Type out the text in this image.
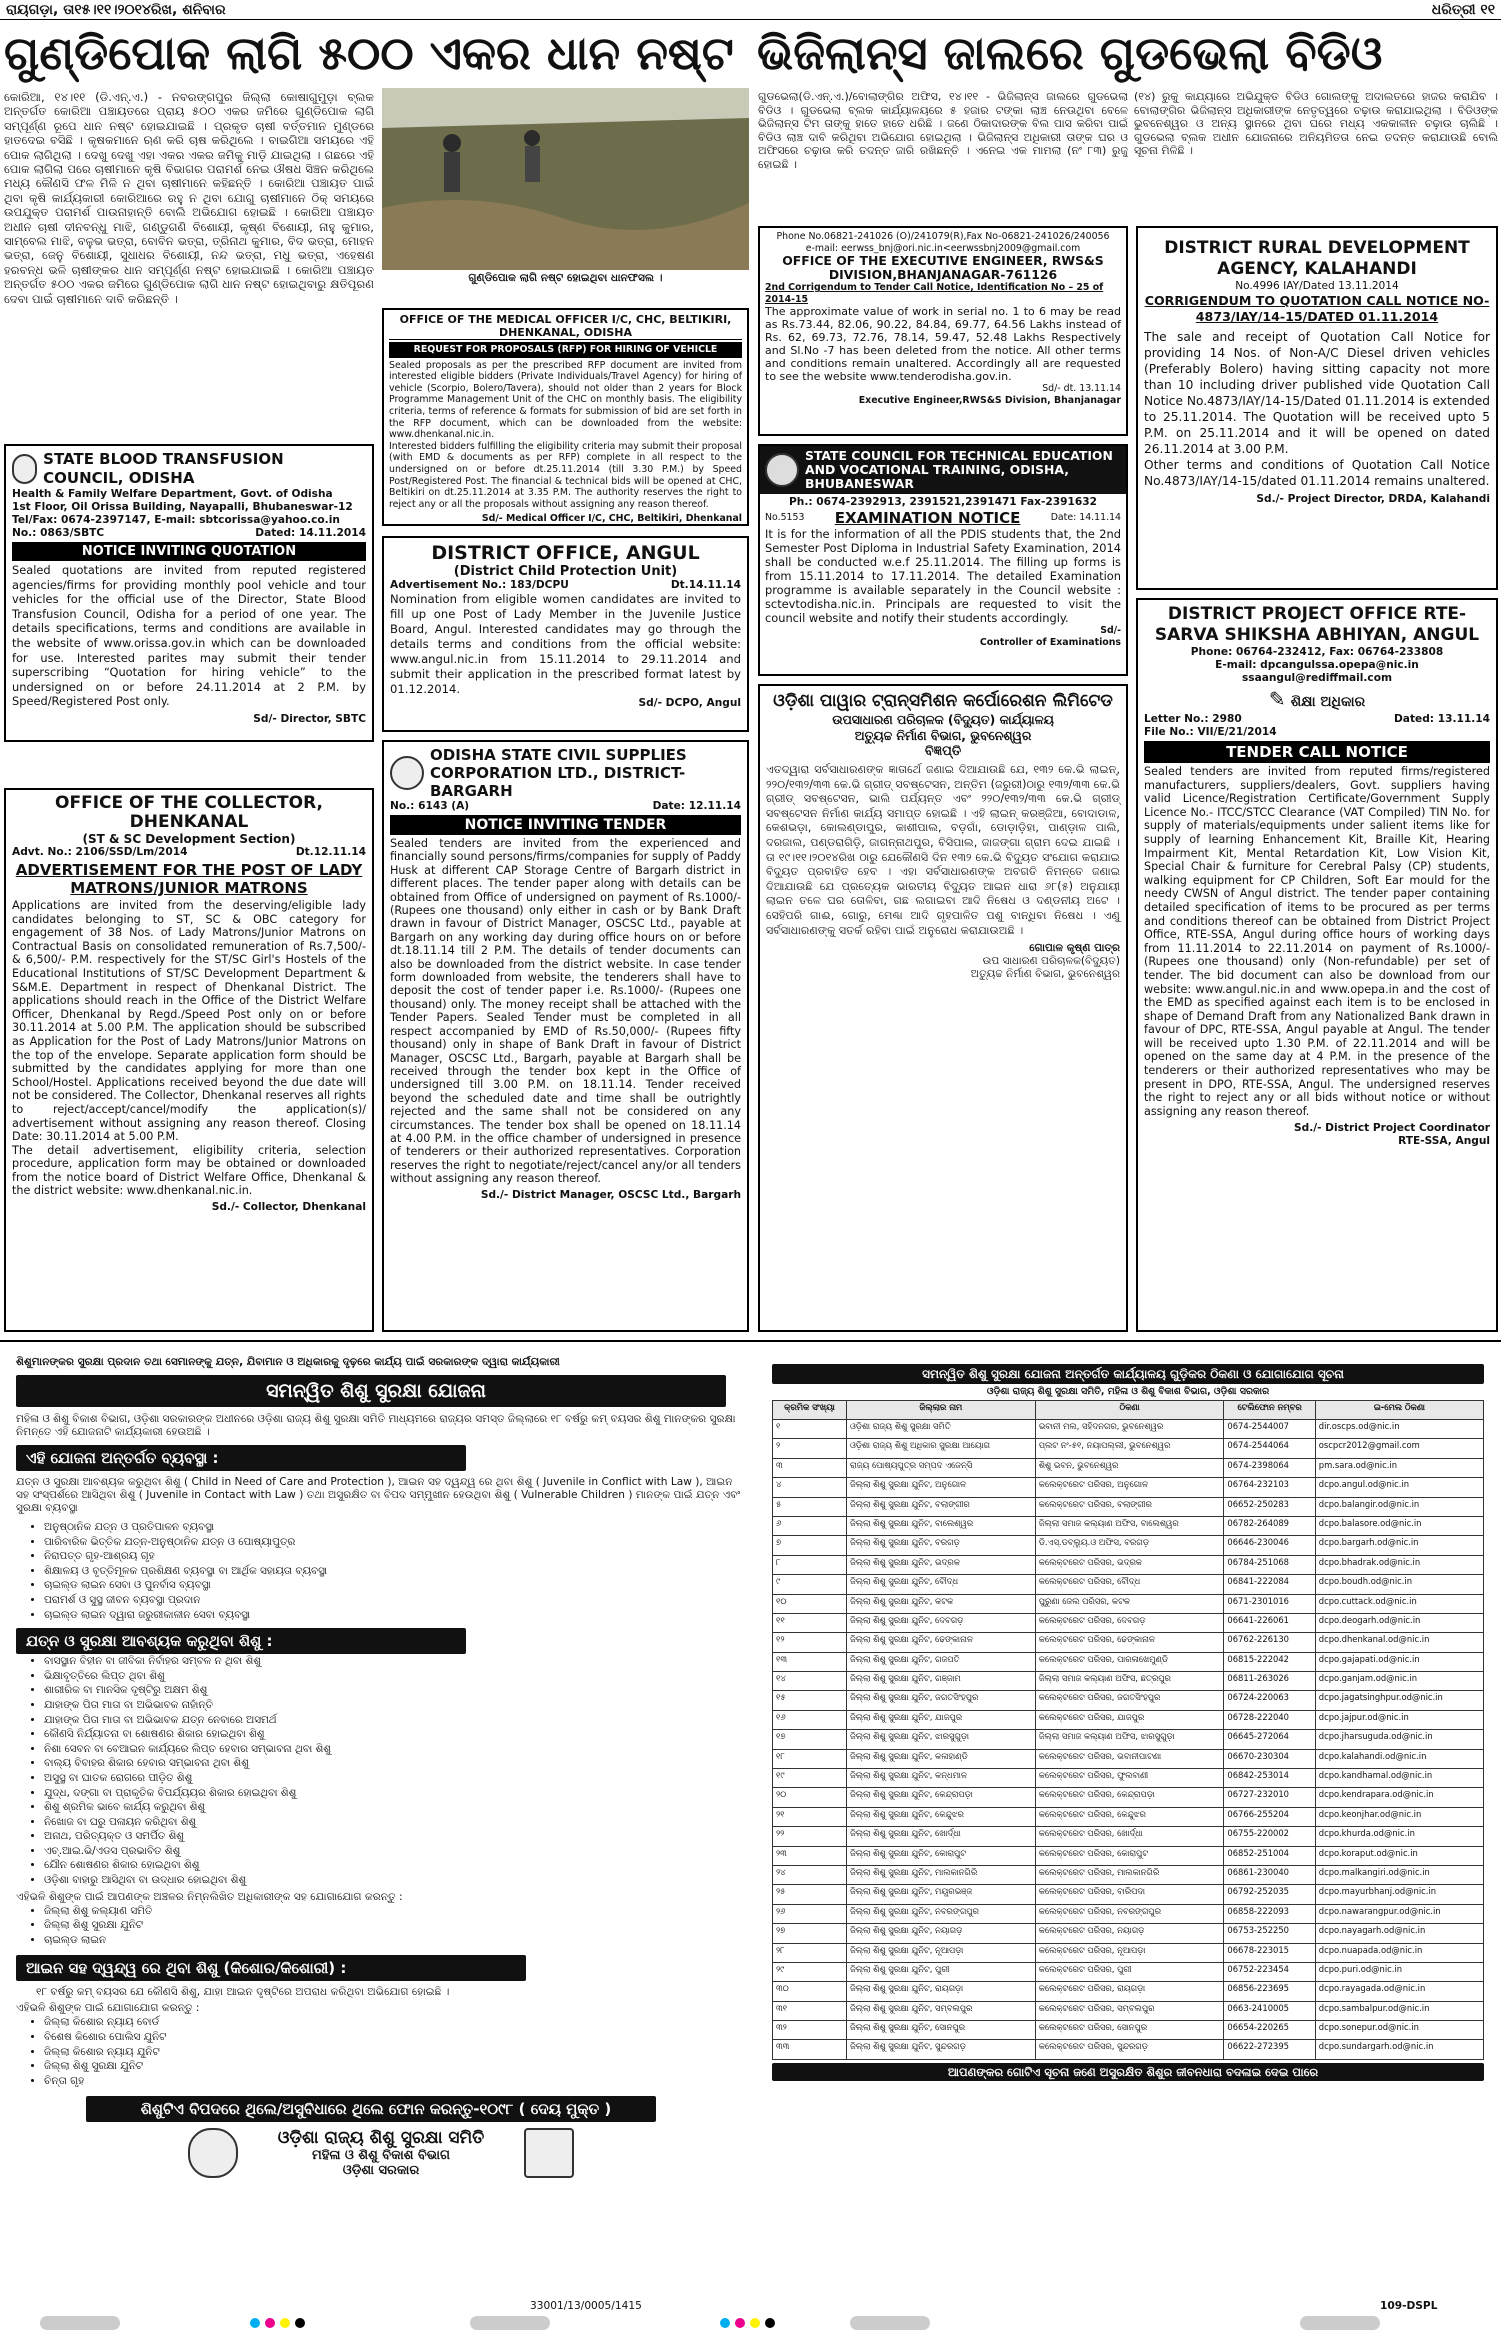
ରାୟଗଡ଼ା, ତା୧୫।୧୧।୨୦୧୪ରିଖ, ଶନିବାର	ଧରିତ୍ରୀ ୧୧
ଗୁଣ୍ଡିପୋକ ଲାଗି ୫୦୦ ଏକର ଧାନ ନଷ୍ଟ ଭିଜିଲାନ୍ସ ଜାଲରେ ଗୁଡଭେଲା ବିଡିଓ
କୋରିଆ, ୧୪।୧୧ (ଡି.ଏନ୍.ଏ.) - ନବରଙ୍ଗପୁର ଜିଲ୍ଲା କୋଷାଗୁମୁଡ଼ା ବ୍ଲକ ଅନ୍ତର୍ଗତ କୋରିଆ ପଞ୍ଚାୟତରେ ପ୍ରାୟ ୫୦୦ ଏକର ଜମିରେ ଗୁଣ୍ଡିପୋକ ଲାଗି ସମ୍ପୂର୍ଣ୍ଣ ରୂପେ ଧାନ ନଷ୍ଟ ହୋଇଯାଇଛି । ପ୍ରକୃତ ଚାଷୀ ବର୍ତ୍ତମାନ ମୁଣ୍ଡରେ ହାତଦେଇ ବସିଛି । କୃଷକମାନେ ଋଣ କରି ଚାଷ କରିଥିଲେ । ବାଇଗିଆ ସମୟରେ ଏହି ପୋକ ଲାଗିଥିଲା । ଦେଖୁ ଦେଖୁ ଏହା ଏକର ଏକର ଜମିକୁ ମାଡ଼ି ଯାଇଥିଲା । ଗଛରେ ଏହି ପୋକ ଲାଗିଲା ପରେ ଚାଷୀମାନେ କୃଷି ବିଭାଗର ପରାମର୍ଶ ନେଇ ଔଷଧ ସିଞ୍ଚନ କରିଥିଲେ ମଧ୍ୟ କୌଣସି ଫଳ ମିଳି ନ ଥିବା ଚାଷୀମାନେ କହିଛନ୍ତି । କୋରିଆ ପଞ୍ଚାୟତ ପାଇଁ ଥିବା କୃଷି କାର୍ଯ୍ୟକାରୀ କୋରିଆରେ ରହୁ ନ ଥିବା ଯୋଗୁ ଚାଷୀମାନେ ଠିକ୍ ସମୟରେ ଉପଯୁକ୍ତ ପରାମର୍ଶ ପାଉନାହାନ୍ତି ବୋଲି ଅଭିଯୋଗ ହୋଇଛି । କୋରିଆ ପଞ୍ଚାୟତ ଅଧୀନ ଚାଷୀ ଦୀନବନ୍ଧୁ ମାଝି, ଗଣ୍ଡୁଗଣି ବିଶୋୟୀ, କୃଷ୍ଣ ବିଶୋୟୀ, ନାହୁ କୁମାର, ସାମ୍ବେଲ ମାଝି, ବଳୁଭ ଭତ୍ରା, ବୋବିନ ଭତ୍ରା, ତ୍ରିନାଥ କୁମାର, ବିଦ ଭତ୍ରା, ମୋହନ ଭତ୍ରା, ଜେନୁ ବିଶୋୟୀ, ସୁଧାଧର ବିଶୋୟୀ, ନନ୍ଦ ଭତ୍ରା, ମଧୁ ଭତ୍ରା, ଏହେଷଣ ହରବନ୍ଧ ଭଳି ଚାଷୀଙ୍କର ଧାନ ସମ୍ପୂର୍ଣ୍ଣ ନଷ୍ଟ ହୋଇଯାଇଛି । କୋରିଆ ପଞ୍ଚାୟତ ଅନ୍ତର୍ଗତ ୫୦୦ ଏକର ଜମିରେ ଗୁଣ୍ଡିପୋକ ଲାଗି ଧାନ ନଷ୍ଟ ହୋଇଥିବାରୁ କ୍ଷତିପୂରଣ ଦେବା ପାଇଁ ଚାଷୀମାନେ ଦାବି କରିଛନ୍ତି ।
ଗୁଣ୍ଡିପୋକ ଲାଗି ନଷ୍ଟ ହୋଇଥିବା ଧାନଫସଲ ।
OFFICE OF THE MEDICAL OFFICER I/C, CHC, BELTIKIRI, DHENKANAL, ODISHA
REQUEST FOR PROPOSALS (RFP) FOR HIRING OF VEHICLE
Sealed proposals as per the prescribed RFP document are invited from interested eligible bidders (Private Individuals/Travel Agency) for hiring of vehicle (Scorpio, Bolero/Tavera), should not older than 2 years for Block Programme Management Unit of the CHC on monthly basis. The eligibility criteria, terms of reference & formats for submission of bid are set forth in the RFP document, which can be downloaded from the website: www.dhenkanal.nic.in.
Interested bidders fulfilling the eligibility criteria may submit their proposal (with EMD & documents as per RFP) complete in all respect to the undersigned on or before dt.25.11.2014 (till 3.30 P.M.) by Speed Post/Registered Post. The financial & technical bids will be opened at CHC, Beltikiri on dt.25.11.2014 at 3.35 P.M. The authority reserves the right to reject any or all the proposals without assigning any reason thereof.
Sd/- Medical Officer I/C, CHC, Beltikiri, Dhenkanal
STATE BLOOD TRANSFUSION COUNCIL, ODISHA
Health & Family Welfare Department, Govt. of Odisha
1st Floor, Oil Orissa Building, Nayapalli, Bhubaneswar-12
Tel/Fax: 0674-2397147, E-mail: sbtcorissa@yahoo.co.in
No.: 0863/SBTC	Dated: 14.11.2014
NOTICE INVITING QUOTATION
Sealed quotations are invited from reputed registered agencies/firms for providing monthly pool vehicle and tour vehicles for the official use of the Director, State Blood Transfusion Council, Odisha for a period of one year. The details specifications, terms and conditions are available in the website of www.orissa.gov.in which can be downloaded for use. Interested parites may submit their tender superscribing “Quotation for hiring vehicle” to the undersigned on or before 24.11.2014 at 2 P.M. by Speed/Registered Post only.
Sd/- Director, SBTC
OFFICE OF THE COLLECTOR, DHENKANAL
(ST & SC Development Section)
Advt. No.: 2106/SSD/Lm/2014	Dt.12.11.14
ADVERTISEMENT FOR THE POST OF LADY MATRONS/JUNIOR MATRONS
Applications are invited from the deserving/eligible lady candidates belonging to ST, SC & OBC category for engagement of 38 Nos. of Lady Matrons/Junior Matrons on Contractual Basis on consolidated remuneration of Rs.7,500/- & 6,500/- P.M. respectively for the ST/SC Girl's Hostels of the Educational Institutions of ST/SC Development Department & S&M.E. Department in respect of Dhenkanal District. The applications should reach in the Office of the District Welfare Officer, Dhenkanal by Regd./Speed Post only on or before 30.11.2014 at 5.00 P.M. The application should be subscribed as Application for the Post of Lady Matrons/Junior Matrons on the top of the envelope. Separate application form should be submitted by the candidates applying for more than one School/Hostel. Applications received beyond the due date will not be considered. The Collector, Dhenkanal reserves all rights to reject/accept/cancel/modify the application(s)/ advertisement without assigning any reason thereof. Closing Date: 30.11.2014 at 5.00 P.M.
The detail advertisement, eligibility criteria, selection procedure, application form may be obtained or downloaded from the notice board of District Welfare Office, Dhenkanal & the district website: www.dhenkanal.nic.in.
Sd./- Collector, Dhenkanal
DISTRICT OFFICE, ANGUL
(District Child Protection Unit)
Advertisement No.: 183/DCPU	Dt.14.11.14
Nomination from eligible women candidates are invited to fill up one Post of Lady Member in the Juvenile Justice Board, Angul. Interested candidates may go through the details terms and conditions from the official website: www.angul.nic.in from 15.11.2014 to 29.11.2014 and submit their application in the prescribed format latest by 01.12.2014.
Sd/- DCPO, Angul
ODISHA STATE CIVIL SUPPLIES CORPORATION LTD., DISTRICT- BARGARH
No.: 6143 (A)	Date: 12.11.14
NOTICE INVITING TENDER
Sealed tenders are invited from the experienced and financially sound persons/firms/companies for supply of Paddy Husk at different CAP Storage Centre of Bargarh district in different places. The tender paper along with details can be obtained from Office of undersigned on payment of Rs.1000/- (Rupees one thousand) only either in cash or by Bank Draft drawn in favour of District Manager, OSCSC Ltd., payable at Bargarh on any working day during office hours on or before dt.18.11.14 till 2 P.M. The details of tender documents can also be downloaded from the district website. In case tender form downloaded from website, the tenderers shall have to deposit the cost of tender paper i.e. Rs.1000/- (Rupees one thousand) only. The money receipt shall be attached with the Tender Papers. Sealed Tender must be completed in all respect accompanied by EMD of Rs.50,000/- (Rupees fifty thousand) only in shape of Bank Draft in favour of District Manager, OSCSC Ltd., Bargarh, payable at Bargarh shall be received through the tender box kept in the Office of undersigned till 3.00 P.M. on 18.11.14. Tender received beyond the scheduled date and time shall be outrightly rejected and the same shall not be considered on any circumstances. The tender box shall be opened on 18.11.14 at 4.00 P.M. in the office chamber of undersigned in presence of tenderers or their authorized representatives. Corporation reserves the right to negotiate/reject/cancel any/or all tenders without assigning any reason thereof.
Sd./- District Manager, OSCSC Ltd., Bargarh
ଗୁଡଭେଲା(ଡି.ଏନ୍.ଏ.)/ବୋଲାଙ୍ଗିର ଅଫିସ, ୧୪।୧୧ - ଭିଜିଲାନ୍ସ ଜାଲରେ ଗୁଡଭେଲା ବିଡିଓ । ଗୁଡଭେଲା ବ୍ଲକ କାର୍ଯ୍ୟାଳୟରେ ୫ ହଜାର ଟଙ୍କା ଲାଞ୍ଚ ନେଉଥିବା ବେଳେ ଭିଜିଲାନ୍ସ ଟିମ ତାଙ୍କୁ ହାତେ ହାତେ ଧରିଛି । ଜଣେ ଠିକାଦାରଙ୍କ ବିଲ ପାସ କରିବା ପାଇଁ ବିଡିଓ ଲାଞ୍ଚ ଦାବି କରିଥିବା ଅଭିଯୋଗ ହୋଇଥିଲା । ଭିଜିଲାନ୍ସ ଅଧିକାରୀ ତାଙ୍କ ଘର ଓ ଅଫିସରେ ଚଢ଼ାଉ କରି ତଦନ୍ତ ଜାରି ରଖିଛନ୍ତି । ଏନେଇ ଏକ ମାମଲା (ନଂ ୮୩) ରୁଜୁ ହୋଇଛି ।
(୧୪) ରୁକୁ କାଯ୍ୟାରେ ଅଭିଯୁକ୍ତ ବିଡିଓ ଗୋଲଙ୍କୁ ଅଦାଲତରେ ହାଜର କରାଯିବ । ବୋଲାଙ୍ଗିର ଭିଜିଲାନ୍ସ ଅଧିକାରୀଙ୍କ ନେତୃତ୍ୱରେ ଚଢ଼ାଉ କରାଯାଇଥିଲା । ବିଡିଓଙ୍କ ଭୁବନେଶ୍ୱର ଓ ଅନ୍ୟ ସ୍ଥାନରେ ଥିବା ଘରେ ମଧ୍ୟ ଏକକାଳୀନ ଚଢ଼ାଉ ଚାଲିଛି । ଗୁଡଭେଲା ବ୍ଲକ ଅଧୀନ ଯୋଜନାରେ ଅନିୟମିତତା ନେଇ ତଦନ୍ତ କରାଯାଉଛି ବୋଲି ସୂଚନା ମିଳିଛି ।
Phone No.06821-241026 (O)/241079(R),Fax No-06821-241026/240056
e-mail: eerwss_bnj@ori.nic.in<eerwssbnj2009@gmail.com
OFFICE OF THE EXECUTIVE ENGINEER, RWS&S DIVISION,BHANJANAGAR-761126
2nd Corrigendum to Tender Call Notice, Identification No – 25 of 2014-15
The approximate value of work in serial no. 1 to 6 may be read as Rs.73.44, 82.06, 90.22, 84.84, 69.77, 64.56 Lakhs instead of Rs. 62, 69.73, 72.76, 78.14, 59.47, 52.48 Lakhs Respectively and Sl.No -7 has been deleted from the notice. All other terms and conditions remain unaltered. Accordingly all are requested to see the website www.tenderodisha.gov.in.
Sd/- dt. 13.11.14
Executive Engineer,RWS&S Division, Bhanjanagar
STATE COUNCIL FOR TECHNICAL EDUCATION AND VOCATIONAL TRAINING, ODISHA, BHUBANESWAR
Ph.: 0674-2392913, 2391521,2391471 Fax-2391632
No.5153 EXAMINATION NOTICE	Date: 14.11.14
It is for the information of all the PDIS students that, the 2nd Semester Post Diploma in Industrial Safety Examination, 2014 shall be conducted w.e.f 25.11.2014. The filling up forms is from 15.11.2014 to 17.11.2014. The detailed Examination programme is available separately in the Council website : sctevtodisha.nic.in. Principals are requested to visit the council website and notify their students accordingly.
Sd/-
Controller of Examinations
ଓଡ଼ିଶା ପାୱାର ଟ୍ରାନ୍ସମିଶନ କର୍ପୋରେଶନ ଲିମିଟେଡ
ଉପସାଧାରଣ ପରିଚାଳକ (ବିଦ୍ୟୁତ) କାର୍ଯ୍ୟାଳୟ
ଅତ୍ୟୁଚ୍ଚ ନିର୍ମାଣ ବିଭାଗ, ଭୁବନେଶ୍ୱର
ବିଜ୍ଞପ୍ତି
ଏତଦ୍ୱାରା ସର୍ବସାଧାରଣଙ୍କ ଜ୍ଞାତାର୍ଥେ ଜଣାଇ ଦିଆଯାଉଛି ଯେ, ୧୩୨ କେ.ଭି ଲାଇନ୍, ୨୨୦/୧୩୨/୩୩ କେ.ଭି ଗ୍ରୀଡ୍ ସବଷ୍ଟେସନ, ଅନ୍ତିମ (ଜରୁରୀ)ଠାରୁ ୧୩୨/୩୩ କେ.ଭି ଗ୍ରୀଡ୍ ସବଷ୍ଟେସନ, ଭାଲି ପର୍ଯ୍ୟନ୍ତ ଏବଂ ୨୨୦/୧୩୨/୩୩ କେ.ଭି ଗ୍ରୀଡ୍ ସବଷ୍ଟେସନ ନିର୍ମାଣ କାର୍ଯ୍ୟ ସମାପ୍ତ ହୋଇଛି । ଏହି ଲାଇନ୍ କରଞ୍ଜିଆ, ବୋଦାଡାଳ, କେଶଭଡ଼ା, କୋଲଣ୍ଡାପୁର, କାଶୀପାଲ, ବଡ଼ଗାଁ, ଡୋଡ଼ାଡ଼ିହା, ପାଣ୍ଡ଼ାଳ ପାଲି, ଦରଜାଲ, ପଣ୍ଡରାଗିଡ଼ି, ଜାଗନ୍ନାଥପୁର, ବିସିପାଲ, ଜାଜଙ୍ଗା ଗ୍ରାମ ଦେଇ ଯାଇଛି । ତା ୧୯।୧୧।୨୦୧୪ରିଖ ଠାରୁ ଯେକୌଣସି ଦିନ ୧୩୨ କେ.ଭି ବିଦ୍ୟୁତ ସଂଯୋଗ କରାଯାଇ ବିଦ୍ୟୁତ ପ୍ରବାହିତ ହେବ । ଏହା ସର୍ବସାଧାରଣଙ୍କ ଅବଗତି ନିମନ୍ତେ ଜଣାଇ ଦିଆଯାଉଛି ଯେ ପ୍ରତ୍ୟେକ ଭାରତୀୟ ବିଦ୍ୟୁତ ଆଇନ ଧାରା ୬୮(୫) ଅନୁଯାୟୀ ଲାଇନ ତଳେ ଘର ତୋଳିବା, ଗଛ ଲଗାଇବା ଆଦି ନିଷେଧ ଓ ଦଣ୍ଡନୀୟ ଅଟେ । ସେହିପରି ଗାଈ, ଗୋରୁ, ମେଣ୍ଢା ଆଦି ଗୃହପାଳିତ ପଶୁ ବାନ୍ଧିବା ନିଷେଧ । ଏଣୁ ସର୍ବସାଧାରଣଙ୍କୁ ସତର୍କ ରହିବା ପାଇଁ ଅନୁରୋଧ କରାଯାଉଅଛି ।
ଗୋପାଳ କୃଷ୍ଣ ପାତ୍ର
ଉପ ସାଧାରଣ ପରିଚାଳକ(ବିଦ୍ୟୁତ)
ଅତ୍ୟୁଚ୍ଚ ନିର୍ମାଣ ବିଭାଗ, ଭୁବନେଶ୍ୱର
DISTRICT RURAL DEVELOPMENT AGENCY, KALAHANDI
No.4996 IAY/Dated 13.11.2014
CORRIGENDUM TO QUOTATION CALL NOTICE NO-4873/IAY/14-15/DATED 01.11.2014
The sale and receipt of Quotation Call Notice for providing 14 Nos. of Non-A/C Diesel driven vehicles (Preferably Bolero) having sitting capacity not more than 10 including driver published vide Quotation Call Notice No.4873/IAY/14-15/Dated 01.11.2014 is extended to 25.11.2014. The Quotation will be received upto 5 P.M. on 25.11.2014 and it will be opened on dated 26.11.2014 at 3.00 P.M.
Other terms and conditions of Quotation Call Notice No.4873/IAY/14-15/dated 01.11.2014 remains unaltered.
Sd./- Project Director, DRDA, Kalahandi
DISTRICT PROJECT OFFICE RTE-SARVA SHIKSHA ABHIYAN, ANGUL
Phone: 06764-232412, Fax: 06764-233808
E-mail: dpcangulssa.opepa@nic.in
ssaangul@rediffmail.com
✎ ଶିକ୍ଷା ଅଧିକାର
Letter No.: 2980	Dated: 13.11.14
File No.: VII/E/21/2014
TENDER CALL NOTICE
Sealed tenders are invited from reputed firms/registered manufacturers, suppliers/dealers, Govt. suppliers having valid Licence/Registration Certificate/Government Supply Licence No.- ITCC/STCC Clearance (VAT Compiled) TIN No. for supply of materials/equipments under salient items like for supply of learning Enhancement Kit, Braille Kit, Hearing Impairment Kit, Mental Retardation Kit, Low Vision Kit, Special Chair & furniture for Cerebral Palsy (CP) students, walking equipment for CP Children, Soft Ear mould for the needy CWSN of Angul district. The tender paper containing detailed specification of items to be procured as per terms and conditions thereof can be obtained from District Project Office, RTE-SSA, Angul during office hours of working days from 11.11.2014 to 22.11.2014 on payment of Rs.1000/- (Rupees one thousand) only (Non-refundable) per set of tender. The bid document can also be download from our website: www.angul.nic.in and www.opepa.in and the cost of the EMD as specified against each item is to be enclosed in shape of Demand Draft from any Nationalized Bank drawn in favour of DPC, RTE-SSA, Angul payable at Angul. The tender will be received upto 1.30 P.M. of 22.11.2014 and will be opened on the same day at 4 P.M. in the presence of the tenderers or their authorized representatives who may be present in DPO, RTE-SSA, Angul. The undersigned reserves the right to reject any or all bids without notice or without assigning any reason thereof.
Sd./- District Project Coordinator
RTE-SSA, Angul
ଶିଶୁମାନଙ୍କର ସୁରକ୍ଷା ପ୍ରଦାନ ତଥା ସେମାନଙ୍କୁ ଯତ୍ନ, ଯିବାମାନ ଓ ଅଧିକାରକୁ ଦୃଢ଼ରେ କାର୍ଯ୍ୟ ପାଇଁ ସରକାରଙ୍କ ଦ୍ୱାରା କାର୍ଯ୍ୟକାରୀ
ସମନ୍ୱିତ ଶିଶୁ ସୁରକ୍ଷା ଯୋଜନା
ମହିଳା ଓ ଶିଶୁ ବିକାଶ ବିଭାଗ, ଓଡ଼ିଶା ସରକାରଙ୍କ ଅଧୀନରେ ଓଡ଼ିଶା ରାଜ୍ୟ ଶିଶୁ ସୁରକ୍ଷା ସମିତି ମାଧ୍ୟମରେ ରାଜ୍ୟର ସମସ୍ତ ଜିଲ୍ଲାରେ ୧୮ ବର୍ଷରୁ କମ୍ ବୟସର ଶିଶୁ ମାନଙ୍କର ସୁରକ୍ଷା ନିମନ୍ତେ ଏହି ଯୋଜନାଟି କାର୍ଯ୍ୟକାରୀ ହେଉଅଛି ।
ଏହି ଯୋଜନା ଅନ୍ତର୍ଗତ ବ୍ୟବସ୍ଥା :
ଯତ୍ନ ଓ ସୁରକ୍ଷା ଆବଶ୍ୟକ କରୁଥିବା ଶିଶୁ ( Child in Need of Care and Protection ), ଆଇନ ସହ ଦ୍ୱନ୍ଦ୍ୱ ରେ ଥିବା ଶିଶୁ ( Juvenile in Conflict with Law ), ଆଇନ ସହ ସଂସ୍ପର୍ଶରେ ଆସିଥିବା ଶିଶୁ ( Juvenile in Contact with Law ) ତଥା ଅସୁରକ୍ଷିତ ବା ବିପଦ ସମ୍ମୁଖୀନ ହେଉଥିବା ଶିଶୁ ( Vulnerable Children ) ମାନଙ୍କ ପାଇଁ ଯତ୍ନ ଏବଂ ସୁରକ୍ଷା ବ୍ୟବସ୍ଥା
• ଅନୁଷ୍ଠାନିକ ଯତ୍ନ ଓ ପ୍ରତିପାଳନ ବ୍ୟବସ୍ଥା
• ପାରିବାରିକ ଭିତ୍ତିକ ଯତ୍ନ-ଅନୁଷ୍ଠାନିକ ଯତ୍ନ ଓ ପୋଷ୍ୟାପୁତ୍ର
• ନିରାପତ୍ତ ଗୃହ-ଆଶ୍ରୟ ଗୃହ
• ଶିକ୍ଷାଳୟ ଓ ବୃତ୍ତିମୂଳକ ପ୍ରଶିକ୍ଷଣ ବ୍ୟବସ୍ଥା ବା ଆର୍ଥିକ ସହାୟତା ବ୍ୟବସ୍ଥା
• ଚାଇଲ୍ଡ ଲାଇନ ସେବା ଓ ପୁନର୍ବାସ ବ୍ୟବସ୍ଥା
• ପରାମର୍ଶ ଓ ସୁସ୍ଥ ଜୀବନ ବ୍ୟବସ୍ଥା ପ୍ରଦାନ
• ଚାଇଲ୍ଡ ଲାଇନ ଦ୍ୱାରା ଜରୁରୀକାଳୀନ ସେବା ବ୍ୟବସ୍ଥା
ଯତ୍ନ ଓ ସୁରକ୍ଷା ଆବଶ୍ୟକ କରୁଥିବା ଶିଶୁ :
• ବାସସ୍ଥାନ ବିହୀନ ବା ଜୀବିକା ନିର୍ବାହର ସମ୍ବଳ ନ ଥିବା ଶିଶୁ
• ଭିକ୍ଷାବୃତ୍ତିରେ ଲିପ୍ତ ଥିବା ଶିଶୁ
• ଶାରୀରିକ ବା ମାନସିକ ଦୃଷ୍ଟିରୁ ଅକ୍ଷମ ଶିଶୁ
• ଯାହାଙ୍କ ପିତା ମାତା ବା ଅଭିଭାବକ ନାହାଁନ୍ତି
• ଯାହାଙ୍କ ପିତା ମାତା ବା ଅଭିଭାବକ ଯତ୍ନ ନେବାରେ ଅସମର୍ଥ
• କୌଣସି ନିର୍ଯ୍ୟାତନା ବା ଶୋଷଣର ଶିକାର ହୋଇଥିବା ଶିଶୁ
• ନିଶା ସେବନ ବା ବେଆଇନ କାର୍ଯ୍ୟରେ ଲିପ୍ତ ହେବାର ସମ୍ଭାବନା ଥିବା ଶିଶୁ
• ବାଲ୍ୟ ବିବାହର ଶିକାର ହେବାର ସମ୍ଭାବନା ଥିବା ଶିଶୁ
• ଅସୁସ୍ଥ ବା ଘାତକ ରୋଗରେ ପୀଡ଼ିତ ଶିଶୁ
• ଯୁଦ୍ଧ, ଦଙ୍ଗା ବା ପ୍ରାକୃତିକ ବିପର୍ଯ୍ୟୟର ଶିକାର ହୋଇଥିବା ଶିଶୁ
• ଶିଶୁ ଶ୍ରମିକ ଭାବେ କାର୍ଯ୍ୟ କରୁଥିବା ଶିଶୁ
• ନିଖୋଜ ବା ଘରୁ ପଳାୟନ କରିଥିବା ଶିଶୁ
• ଅନାଥ, ପରିତ୍ୟକ୍ତ ଓ ସମର୍ପିତ ଶିଶୁ
• ଏଚ୍.ଆଇ.ଭି/ଏଡସ ପ୍ରଭାବିତ ଶିଶୁ
• ଯୌନ ଶୋଷଣର ଶିକାର ହୋଇଥିବା ଶିଶୁ
• ଓଡ଼ିଶା ବାହାରୁ ଆସିଥିବା ବା ଉଦ୍ଧାର ହୋଇଥିବା ଶିଶୁ
ଏହିଭଳି ଶିଶୁଙ୍କ ପାଇଁ ଆପଣଙ୍କ ଅଞ୍ଚଳର ନିମ୍ନଲିଖିତ ଅଧିକାରୀଙ୍କ ସହ ଯୋଗାଯୋଗ କରନ୍ତୁ :
• ଜିଲ୍ଲା ଶିଶୁ କଲ୍ୟାଣ ସମିତି
• ଜିଲ୍ଲା ଶିଶୁ ସୁରକ୍ଷା ଯୁନିଟ
• ଚାଇଲ୍ଡ ଲାଇନ
ଆଇନ ସହ ଦ୍ୱନ୍ଦ୍ୱ ରେ ଥିବା ଶିଶୁ (କିଶୋର/କିଶୋରୀ) :
୧୮ ବର୍ଷରୁ କମ୍ ବୟସର ଯେ କୌଣସି ଶିଶୁ, ଯାହା ଆଇନ ଦୃଷ୍ଟିରେ ଅପରାଧ କରିଥିବା ଅଭିଯୋଗ ହୋଇଛି ।
ଏହିଭଳି ଶିଶୁଙ୍କ ପାଇଁ ଯୋଗାଯୋଗ କରନ୍ତୁ :
• ଜିଲ୍ଲା କିଶୋର ନ୍ୟାୟ ବୋର୍ଡ
• ବିଶେଷ କିଶୋର ପୋଲିସ ଯୁନିଟ
• ଜିଲ୍ଲା କିଶୋର ନ୍ୟାୟ ଯୁନିଟ
• ଜିଲ୍ଲା ଶିଶୁ ସୁରକ୍ଷା ଯୁନିଟ
• ଚିନ୍ତା ଗୃହ
ଶିଶୁଟିଏ ବିପଦରେ ଥିଲେ/ଅସୁବିଧାରେ ଥିଲେ ଫୋନ କରନ୍ତୁ-୧୦୯୮ ( ଦେୟ ମୁକ୍ତ )
ଓଡ଼ିଶା ରାଜ୍ୟ ଶିଶୁ ସୁରକ୍ଷା ସମିତି
ମହିଳା ଓ ଶିଶୁ ବିକାଶ ବିଭାଗ
ଓଡ଼ିଶା ସରକାର
ସମନ୍ୱିତ ଶିଶୁ ସୁରକ୍ଷା ଯୋଜନା ଅନ୍ତର୍ଗତ କାର୍ଯ୍ୟାଳୟ ଗୁଡ଼ିକର ଠିକଣା ଓ ଯୋଗାଯୋଗ ସୂଚନା
ଓଡ଼ିଶା ରାଜ୍ୟ ଶିଶୁ ସୁରକ୍ଷା ସମିତି, ମହିଳା ଓ ଶିଶୁ ବିକାଶ ବିଭାଗ, ଓଡ଼ିଶା ସରକାର
କ୍ରମିକ ସଂଖ୍ୟା	ଜିଲ୍ଲାର ନାମ	ଠିକଣା	ଟେଲିଫୋନ ନମ୍ବର	ଇ-ମେଲ ଠିକଣା
୧	ଓଡ଼ିଶା ରାଜ୍ୟ ଶିଶୁ ସୁରକ୍ଷା ସମିତି	ଭବାନୀ ମଲ, ସହିଦନଗର, ଭୁବନେଶ୍ୱର	0674-2544007	dir.oscps.od@nic.in
୨	ଓଡ଼ିଶା ରାଜ୍ୟ ଶିଶୁ ଅଧିକାର ସୁରକ୍ଷା ଆୟୋଗ	ପ୍ଲଟ ନଂ-୫୧, ନୟାପଲ୍ଲୀ, ଭୁବନେଶ୍ୱର	0674-2544064	oscpcr2012@gmail.com
୩	ରାଜ୍ୟ ପୋଷ୍ୟପୁତ୍ର ସମ୍ପଦ ଏଜେନ୍ସି	ଶିଶୁ ଭବନ, ଭୁବନେଶ୍ୱର	0674-2398064	pm.sara.od@nic.in
୪	ଜିଲ୍ଲା ଶିଶୁ ସୁରକ୍ଷା ଯୁନିଟ, ଅନୁଗୋଳ	କଲେକ୍ଟରେଟ ପରିସର, ଅନୁଗୋଳ	06764-232103	dcpo.angul.od@nic.in
୫	ଜିଲ୍ଲା ଶିଶୁ ସୁରକ୍ଷା ଯୁନିଟ, ବଲାଙ୍ଗୀର	କଲେକ୍ଟରେଟ ପରିସର, ବଲାଙ୍ଗୀର	06652-250283	dcpo.balangir.od@nic.in
୬	ଜିଲ୍ଲା ଶିଶୁ ସୁରକ୍ଷା ଯୁନିଟ, ବାଲେଶ୍ୱର	ଜିଲ୍ଲା ସମାଜ କଲ୍ୟାଣ ଅଫିସ, ବାଲେଶ୍ୱର	06782-264089	dcpo.balasore.od@nic.in
୭	ଜିଲ୍ଲା ଶିଶୁ ସୁରକ୍ଷା ଯୁନିଟ, ବରଗଡ଼	ଡି.ଏସ୍.ଡବ୍ଲ୍ୟୁ.ଓ ଅଫିସ, ବରଗଡ଼	06646-230046	dcpo.bargarh.od@nic.in
୮	ଜିଲ୍ଲା ଶିଶୁ ସୁରକ୍ଷା ଯୁନିଟ, ଭଦ୍ରକ	କଲେକ୍ଟରେଟ ପରିସର, ଭଦ୍ରକ	06784-251068	dcpo.bhadrak.od@nic.in
୯	ଜିଲ୍ଲା ଶିଶୁ ସୁରକ୍ଷା ଯୁନିଟ, ବୌଦ୍ଧ	କଲେକ୍ଟରେଟ ପରିସର, ବୌଦ୍ଧ	06841-222084	dcpo.boudh.od@nic.in
୧୦	ଜିଲ୍ଲା ଶିଶୁ ସୁରକ୍ଷା ଯୁନିଟ, କଟକ	ପୁରୁଣା ଜେଲ ପରିସର, କଟକ	0671-2301016	dcpo.cuttack.od@nic.in
୧୧	ଜିଲ୍ଲା ଶିଶୁ ସୁରକ୍ଷା ଯୁନିଟ, ଦେବଗଡ଼	କଲେକ୍ଟରେଟ ପରିସର, ଦେବଗଡ଼	06641-226061	dcpo.deogarh.od@nic.in
୧୨	ଜିଲ୍ଲା ଶିଶୁ ସୁରକ୍ଷା ଯୁନିଟ, ଢେଙ୍କାନାଳ	କଲେକ୍ଟରେଟ ପରିସର, ଢେଙ୍କାନାଳ	06762-226130	dcpo.dhenkanal.od@nic.in
୧୩	ଜିଲ୍ଲା ଶିଶୁ ସୁରକ୍ଷା ଯୁନିଟ, ଗଜପତି	କଲେକ୍ଟରେଟ ପରିସର, ପାରଳାଖେମୁଣ୍ଡି	06815-222042	dcpo.gajapati.od@nic.in
୧୪	ଜିଲ୍ଲା ଶିଶୁ ସୁରକ୍ଷା ଯୁନିଟ, ଗଞ୍ଜାମ	ଜିଲ୍ଲା ସମାଜ କଲ୍ୟାଣ ଅଫିସ, ଛତ୍ରପୁର	06811-263026	dcpo.ganjam.od@nic.in
୧୫	ଜିଲ୍ଲା ଶିଶୁ ସୁରକ୍ଷା ଯୁନିଟ, ଜଗତସିଂହପୁର	କଲେକ୍ଟରେଟ ପରିସର, ଜଗତସିଂହପୁର	06724-220063	dcpo.jagatsinghpur.od@nic.in
୧୬	ଜିଲ୍ଲା ଶିଶୁ ସୁରକ୍ଷା ଯୁନିଟ, ଯାଜପୁର	କଲେକ୍ଟରେଟ ପରିସର, ଯାଜପୁର	06728-222040	dcpo.jajpur.od@nic.in
୧୭	ଜିଲ୍ଲା ଶିଶୁ ସୁରକ୍ଷା ଯୁନିଟ, ଝାରସୁଗୁଡ଼ା	ଜିଲ୍ଲା ସମାଜ କଲ୍ୟାଣ ଅଫିସ, ଝାରସୁଗୁଡ଼ା	06645-272064	dcpo.jharsuguda.od@nic.in
୧୮	ଜିଲ୍ଲା ଶିଶୁ ସୁରକ୍ଷା ଯୁନିଟ, କଳାହାଣ୍ଡି	କଲେକ୍ଟରେଟ ପରିସର, ଭବାନୀପାଟଣା	06670-230304	dcpo.kalahandi.od@nic.in
୧୯	ଜିଲ୍ଲା ଶିଶୁ ସୁରକ୍ଷା ଯୁନିଟ, କନ୍ଧମାଳ	କଲେକ୍ଟରେଟ ପରିସର, ଫୁଲବାଣୀ	06842-253014	dcpo.kandhamal.od@nic.in
୨୦	ଜିଲ୍ଲା ଶିଶୁ ସୁରକ୍ଷା ଯୁନିଟ, କେନ୍ଦ୍ରାପଡ଼ା	କଲେକ୍ଟରେଟ ପରିସର, କେନ୍ଦ୍ରାପଡ଼ା	06727-232010	dcpo.kendrapara.od@nic.in
୨୧	ଜିଲ୍ଲା ଶିଶୁ ସୁରକ୍ଷା ଯୁନିଟ, କେନ୍ଦୁଝର	କଲେକ୍ଟରେଟ ପରିସର, କେନ୍ଦୁଝର	06766-255204	dcpo.keonjhar.od@nic.in
୨୨	ଜିଲ୍ଲା ଶିଶୁ ସୁରକ୍ଷା ଯୁନିଟ, ଖୋର୍ଦ୍ଧା	କଲେକ୍ଟରେଟ ପରିସର, ଖୋର୍ଦ୍ଧା	06755-220002	dcpo.khurda.od@nic.in
୨୩	ଜିଲ୍ଲା ଶିଶୁ ସୁରକ୍ଷା ଯୁନିଟ, କୋରାପୁଟ	କଲେକ୍ଟରେଟ ପରିସର, କୋରାପୁଟ	06852-251004	dcpo.koraput.od@nic.in
୨୪	ଜିଲ୍ଲା ଶିଶୁ ସୁରକ୍ଷା ଯୁନିଟ, ମାଲକାନଗିରି	କଲେକ୍ଟରେଟ ପରିସର, ମାଲକାନଗିରି	06861-230040	dcpo.malkangiri.od@nic.in
୨୫	ଜିଲ୍ଲା ଶିଶୁ ସୁରକ୍ଷା ଯୁନିଟ, ମୟୂରଭଞ୍ଜ	କଲେକ୍ଟରେଟ ପରିସର, ବାରିପଦା	06792-252035	dcpo.mayurbhanj.od@nic.in
୨୬	ଜିଲ୍ଲା ଶିଶୁ ସୁରକ୍ଷା ଯୁନିଟ, ନବରଙ୍ଗପୁର	କଲେକ୍ଟରେଟ ପରିସର, ନବରଙ୍ଗପୁର	06858-222093	dcpo.nawarangpur.od@nic.in
୨୭	ଜିଲ୍ଲା ଶିଶୁ ସୁରକ୍ଷା ଯୁନିଟ, ନୟାଗଡ଼	କଲେକ୍ଟରେଟ ପରିସର, ନୟାଗଡ଼	06753-252250	dcpo.nayagarh.od@nic.in
୨୮	ଜିଲ୍ଲା ଶିଶୁ ସୁରକ୍ଷା ଯୁନିଟ, ନୂଆପଡ଼ା	କଲେକ୍ଟରେଟ ପରିସର, ନୂଆପଡ଼ା	06678-223015	dcpo.nuapada.od@nic.in
୨୯	ଜିଲ୍ଲା ଶିଶୁ ସୁରକ୍ଷା ଯୁନିଟ, ପୁରୀ	କଲେକ୍ଟରେଟ ପରିସର, ପୁରୀ	06752-223454	dcpo.puri.od@nic.in
୩୦	ଜିଲ୍ଲା ଶିଶୁ ସୁରକ୍ଷା ଯୁନିଟ, ରାୟଗଡ଼ା	କଲେକ୍ଟରେଟ ପରିସର, ରାୟଗଡ଼ା	06856-223695	dcpo.rayagada.od@nic.in
୩୧	ଜିଲ୍ଲା ଶିଶୁ ସୁରକ୍ଷା ଯୁନିଟ, ସମ୍ବଲପୁର	କଲେକ୍ଟରେଟ ପରିସର, ସମ୍ବଲପୁର	0663-2410005	dcpo.sambalpur.od@nic.in
୩୨	ଜିଲ୍ଲା ଶିଶୁ ସୁରକ୍ଷା ଯୁନିଟ, ସୋନପୁର	କଲେକ୍ଟରେଟ ପରିସର, ସୋନପୁର	06654-220265	dcpo.sonepur.od@nic.in
୩୩	ଜିଲ୍ଲା ଶିଶୁ ସୁରକ୍ଷା ଯୁନିଟ, ସୁନ୍ଦରଗଡ଼	କଲେକ୍ଟରେଟ ପରିସର, ସୁନ୍ଦରଗଡ଼	06622-272395	dcpo.sundargarh.od@nic.in
ଆପଣଙ୍କର ଗୋଟିଏ ସୂଚନା ଜଣେ ଅସୁରକ୍ଷିତ ଶିଶୁର ଜୀବନଧାରା ବଦଳାଇ ଦେଇ ପାରେ
33001/13/0005/1415	109-DSPL
